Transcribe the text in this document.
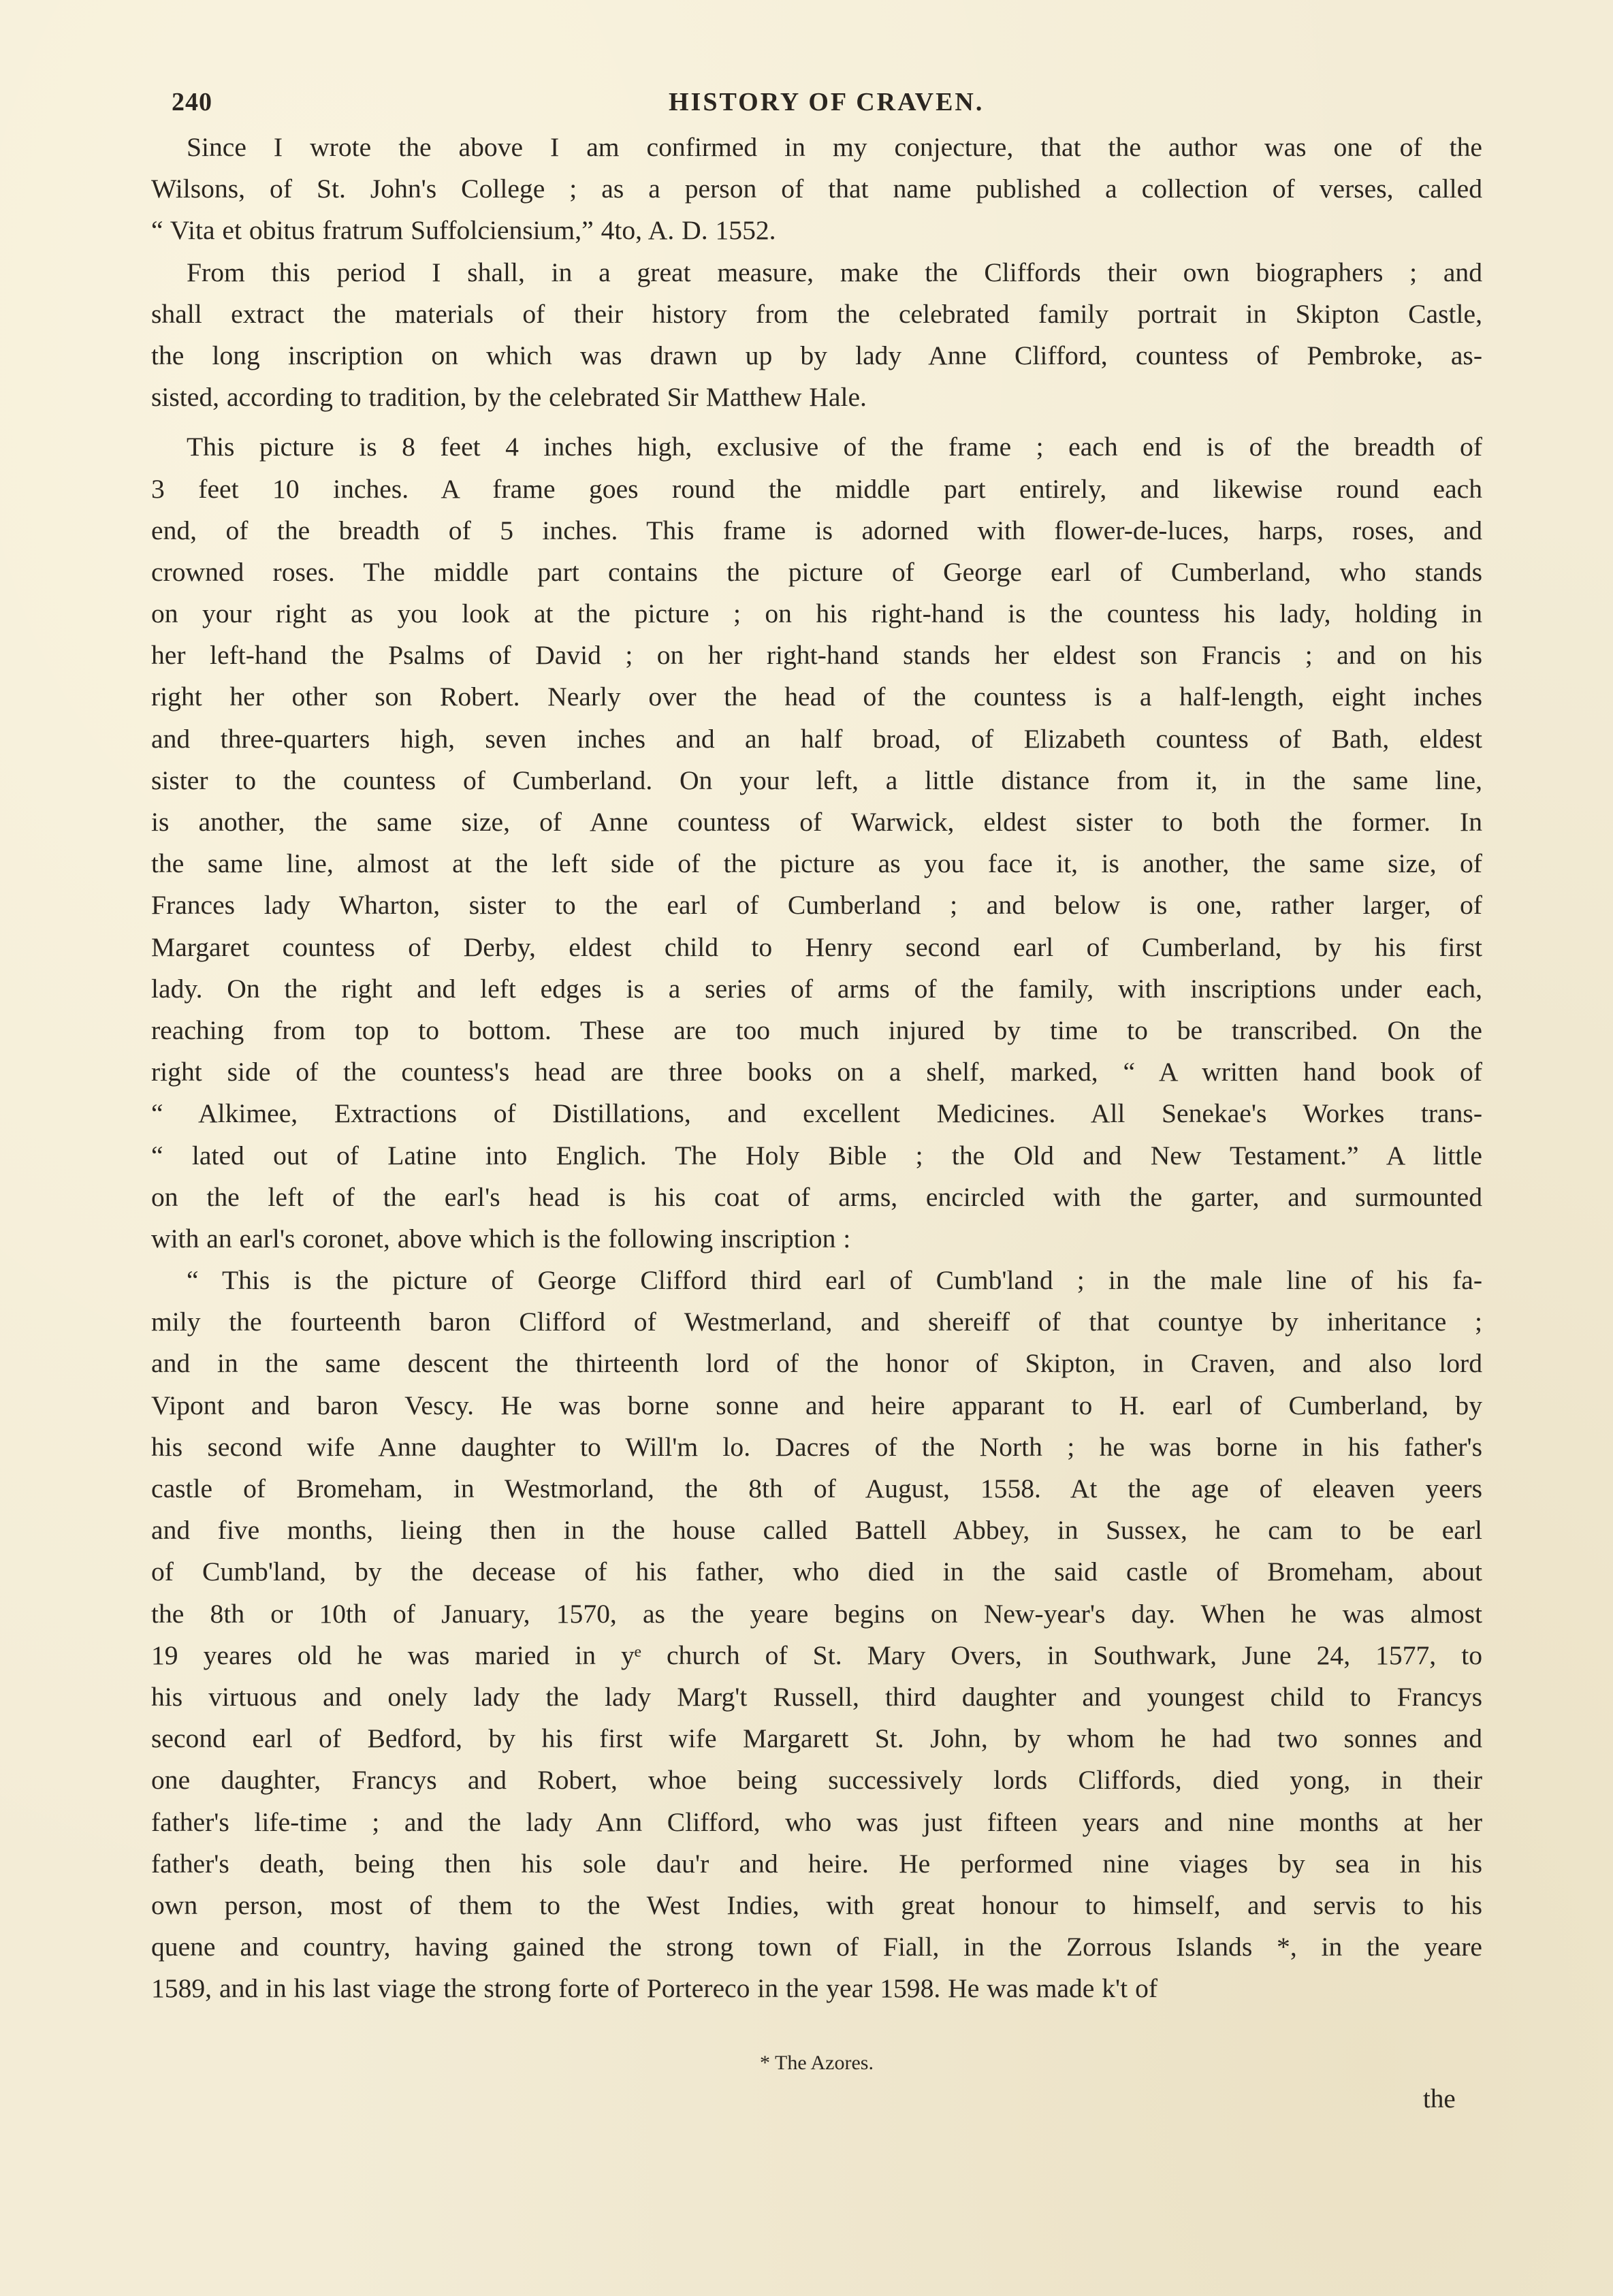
240	HISTORY OF CRAVEN.
Since I wrote the above I am confirmed in my conjecture, that the author was one of the
Wilsons, of St. John's College ; as a person of that name published a collection of verses, called
“ Vita et obitus fratrum Suffolciensium,” 4to, A. D. 1552.
From this period I shall, in a great measure, make the Cliffords their own biographers ; and
shall extract the materials of their history from the celebrated family portrait in Skipton Castle,
the long inscription on which was drawn up by lady Anne Clifford, countess of Pembroke, as-
sisted, according to tradition, by the celebrated Sir Matthew Hale.
This picture is 8 feet 4 inches high, exclusive of the frame ; each end is of the breadth of
3 feet 10 inches. A frame goes round the middle part entirely, and likewise round each
end, of the breadth of 5 inches. This frame is adorned with flower-de-luces, harps, roses, and
crowned roses. The middle part contains the picture of George earl of Cumberland, who stands
on your right as you look at the picture ; on his right-hand is the countess his lady, holding in
her left-hand the Psalms of David ; on her right-hand stands her eldest son Francis ; and on his
right her other son Robert. Nearly over the head of the countess is a half-length, eight inches
and three-quarters high, seven inches and an half broad, of Elizabeth countess of Bath, eldest
sister to the countess of Cumberland. On your left, a little distance from it, in the same line,
is another, the same size, of Anne countess of Warwick, eldest sister to both the former. In
the same line, almost at the left side of the picture as you face it, is another, the same size, of
Frances lady Wharton, sister to the earl of Cumberland ; and below is one, rather larger, of
Margaret countess of Derby, eldest child to Henry second earl of Cumberland, by his first
lady. On the right and left edges is a series of arms of the family, with inscriptions under each,
reaching from top to bottom. These are too much injured by time to be transcribed. On the
right side of the countess's head are three books on a shelf, marked, “ A written hand book of
“ Alkimee, Extractions of Distillations, and excellent Medicines. All Senekae's Workes trans-
“ lated out of Latine into Englich. The Holy Bible ; the Old and New Testament.” A little
on the left of the earl's head is his coat of arms, encircled with the garter, and surmounted
with an earl's coronet, above which is the following inscription :
“ This is the picture of George Clifford third earl of Cumb'land ; in the male line of his fa-
mily the fourteenth baron Clifford of Westmerland, and shereiff of that countye by inheritance ;
and in the same descent the thirteenth lord of the honor of Skipton, in Craven, and also lord
Vipont and baron Vescy. He was borne sonne and heire apparant to H. earl of Cumberland, by
his second wife Anne daughter to Will'm lo. Dacres of the North ; he was borne in his father's
castle of Bromeham, in Westmorland, the 8th of August, 1558. At the age of eleaven yeers
and five months, lieing then in the house called Battell Abbey, in Sussex, he cam to be earl
of Cumb'land, by the decease of his father, who died in the said castle of Bromeham, about
the 8th or 10th of January, 1570, as the yeare begins on New-year's day. When he was almost
19 yeares old he was maried in yᵉ church of St. Mary Overs, in Southwark, June 24, 1577, to
his virtuous and onely lady the lady Marg't Russell, third daughter and youngest child to Francys
second earl of Bedford, by his first wife Margarett St. John, by whom he had two sonnes and
one daughter, Francys and Robert, whoe being successively lords Cliffords, died yong, in their
father's life-time ; and the lady Ann Clifford, who was just fifteen years and nine months at her
father's death, being then his sole dau'r and heire. He performed nine viages by sea in his
own person, most of them to the West Indies, with great honour to himself, and servis to his
quene and country, having gained the strong town of Fiall, in the Zorrous Islands *, in the yeare
1589, and in his last viage the strong forte of Portereco in the year 1598. He was made k't of
* The Azores.
the
